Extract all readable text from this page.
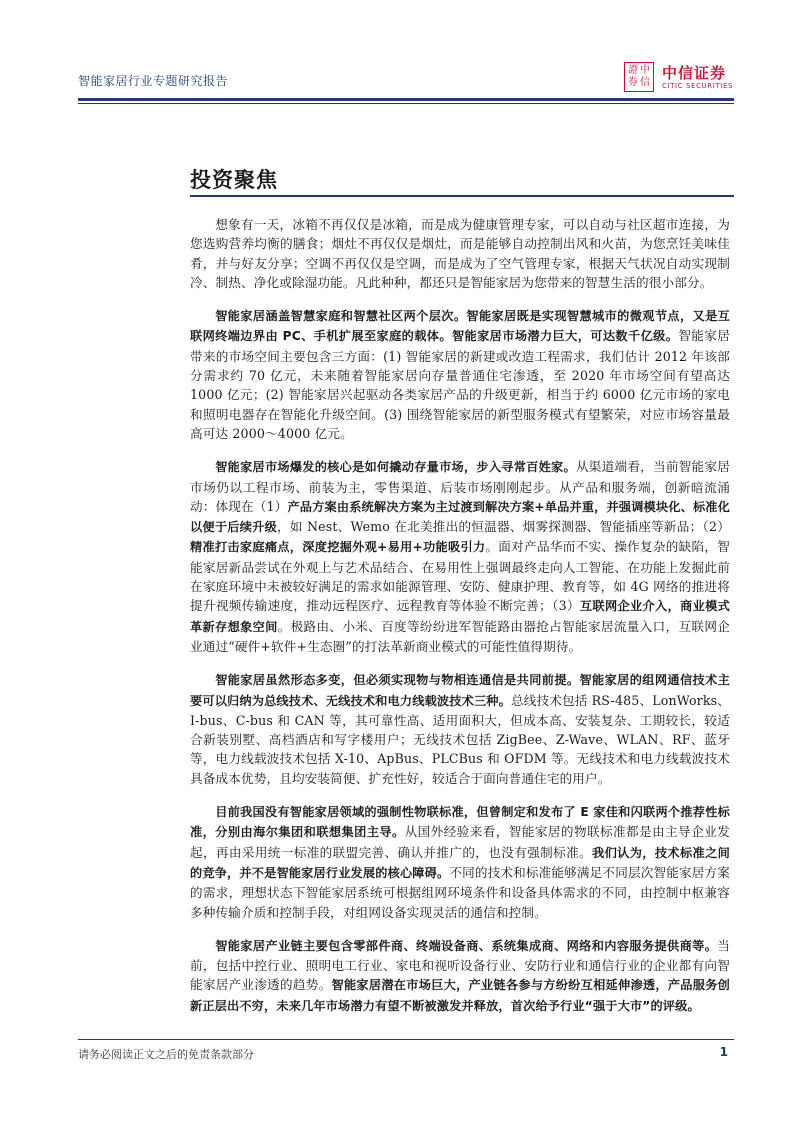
智能家居行业专题研究报告
證 中
券 信
中信证券
CITIC SECURITIES
投资聚焦

想象有一天，冰箱不再仅仅是冰箱，而是成为健康管理专家，可以自动与社区超市连接，为您选购营养均衡的膳食；烟灶不再仅仅是烟灶，而是能够自动控制出风和火苗，为您烹饪美味佳肴，并与好友分享；空调不再仅仅是空调，而是成为了空气管理专家，根据天气状况自动实现制冷、制热、净化或除湿功能。凡此种种，都还只是智能家居为您带来的智慧生活的很小部分。

智能家居涵盖智慧家庭和智慧社区两个层次。智能家居既是实现智慧城市的微观节点，又是互联网终端边界由 PC、手机扩展至家庭的载体。智能家居市场潜力巨大，可达数千亿级。智能家居带来的市场空间主要包含三方面：(1) 智能家居的新建或改造工程需求，我们估计 2012 年该部分需求约 70 亿元，未来随着智能家居向存量普通住宅渗透，至 2020 年市场空间有望高达 1000 亿元；(2) 智能家居兴起驱动各类家居产品的升级更新，相当于约 6000 亿元市场的家电和照明电器存在智能化升级空间。(3) 围绕智能家居的新型服务模式有望繁荣，对应市场容量最高可达 2000～4000 亿元。

智能家居市场爆发的核心是如何撬动存量市场，步入寻常百姓家。从渠道端看，当前智能家居市场仍以工程市场、前装为主，零售渠道、后装市场刚刚起步。从产品和服务端，创新暗流涌动：体现在（1）产品方案由系统解决方案为主过渡到解决方案+单品并重，并强调模块化、标准化以便于后续升级，如 Nest、Wemo 在北美推出的恒温器、烟雾探测器、智能插座等新品；（2）精准打击家庭痛点，深度挖掘外观+易用+功能吸引力。面对产品华而不实、操作复杂的缺陷，智能家居新品尝试在外观上与艺术品结合、在易用性上强调最终走向人工智能、在功能上发掘此前在家庭环境中未被较好满足的需求如能源管理、安防、健康护理、教育等，如 4G 网络的推进将提升视频传输速度，推动远程医疗、远程教育等体验不断完善；（3）互联网企业介入，商业模式革新存想象空间。极路由、小米、百度等纷纷进军智能路由器抢占智能家居流量入口，互联网企业通过“硬件+软件+生态圈”的打法革新商业模式的可能性值得期待。

智能家居虽然形态多变，但必须实现物与物相连通信是共同前提。智能家居的组网通信技术主要可以归纳为总线技术、无线技术和电力线载波技术三种。总线技术包括 RS-485、LonWorks、I-bus、C-bus 和 CAN 等，其可靠性高、适用面积大，但成本高、安装复杂、工期较长，较适合新装别墅、高档酒店和写字楼用户；无线技术包括 ZigBee、Z-Wave、WLAN、RF、蓝牙等，电力线载波技术包括 X-10、ApBus、PLCBus 和 OFDM 等。无线技术和电力线载波技术具备成本优势，且均安装简便、扩充性好，较适合于面向普通住宅的用户。

目前我国没有智能家居领域的强制性物联标准，但曾制定和发布了 E 家佳和闪联两个推荐性标准，分别由海尔集团和联想集团主导。从国外经验来看，智能家居的物联标准都是由主导企业发起，再由采用统一标准的联盟完善、确认并推广的，也没有强制标准。我们认为，技术标准之间的竞争，并不是智能家居行业发展的核心障碍。不同的技术和标准能够满足不同层次智能家居方案的需求，理想状态下智能家居系统可根据组网环境条件和设备具体需求的不同，由控制中枢兼容多种传输介质和控制手段，对组网设备实现灵活的通信和控制。

智能家居产业链主要包含零部件商、终端设备商、系统集成商、网络和内容服务提供商等。当前，包括中控行业、照明电工行业、家电和视听设备行业、安防行业和通信行业的企业都有向智能家居产业渗透的趋势。智能家居潜在市场巨大，产业链各参与方纷纷互相延伸渗透，产品服务创新正层出不穷，未来几年市场潜力有望不断被激发并释放，首次给予行业“强于大市”的评级。

请务必阅读正文之后的免责条款部分	1
